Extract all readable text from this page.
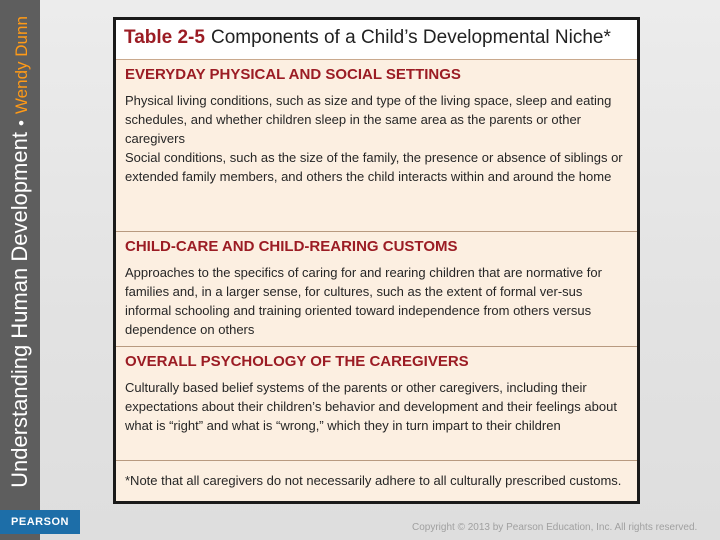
Understanding Human Development•Wendy Dunn
PEARSON
Table 2-5 Components of a Child’s Developmental Niche*
EVERYDAY PHYSICAL AND SOCIAL SETTINGS

Physical living conditions, such as size and type of the living space, sleep and eating schedules, and whether children sleep in the same area as the parents or other caregivers

Social conditions, such as the size of the family, the presence or absence of siblings or extended family members, and others the child interacts within and around the home

CHILD-CARE AND CHILD-REARING CUSTOMS

Approaches to the specifics of caring for and rearing children that are normative for families and, in a larger sense, for cultures, such as the extent of formal ver-sus informal schooling and training oriented toward independence from others versus dependence on others

OVERALL PSYCHOLOGY OF THE CAREGIVERS

Culturally based belief systems of the parents or other caregivers, including their expectations about their children’s behavior and development and their feelings about what is “right” and what is “wrong,” which they in turn impart to their children

*Note that all caregivers do not necessarily adhere to all culturally prescribed customs.
Copyright © 2013 by Pearson Education, Inc. All rights reserved.
